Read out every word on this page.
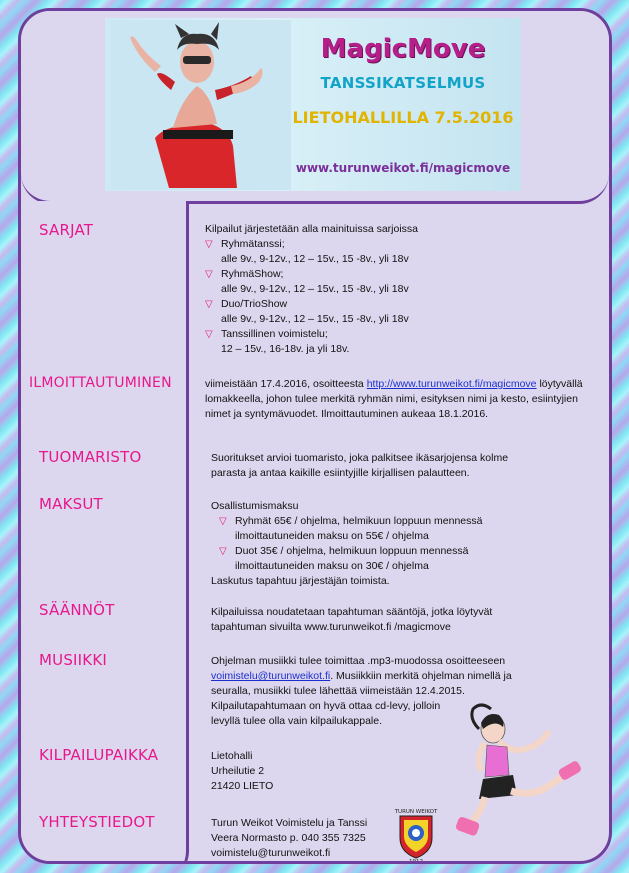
MagicMove
TANSSIKATSELMUS
LIETOHALLILLA 7.5.2016
www.turunweikot.fi/magicmove
SARJAT	Kilpailut järjestetään alla mainituissa sarjoissa
▽ Ryhmätanssi;
alle 9v., 9-12v., 12 – 15v., 15 -8v., yli 18v
▽ RyhmäShow;
alle 9v., 9-12v., 12 – 15v., 15 -8v., yli 18v
▽ Duo/TrioShow
alle 9v., 9-12v., 12 – 15v., 15 -8v., yli 18v
▽ Tanssillinen voimistelu;
12 – 15v., 16-18v. ja yli 18v.
ILMOITTAUTUMINEN	viimeistään 17.4.2016, osoitteesta http://www.turunweikot.fi/magicmove löytyvällä lomakkeella, johon tulee merkitä ryhmän nimi, esityksen nimi ja kesto, esiintyjien nimet ja syntymävuodet. Ilmoittautuminen aukeaa 18.1.2016.
TUOMARISTO	Suoritukset arvioi tuomaristo, joka palkitsee ikäsarjojensa kolme
parasta ja antaa kaikille esiintyjille kirjallisen palautteen.
MAKSUT	Osallistumismaksu
▽ Ryhmät 65€ / ohjelma, helmikuun loppuun mennessä
ilmoittautuneiden maksu on 55€ / ohjelma
▽ Duot 35€ / ohjelma, helmikuun loppuun mennessä
ilmoittautuneiden maksu on 30€ / ohjelma
Laskutus tapahtuu järjestäjän toimista.
SÄÄNNÖT	Kilpailuissa noudatetaan tapahtuman sääntöjä, jotka löytyvät
tapahtuman sivuilta www.turunweikot.fi /magicmove
MUSIIKKI	Ohjelman musiikki tulee toimittaa .mp3-muodossa osoitteeseen
voimistelu@turunweikot.fi. Musiikkiin merkitä ohjelman nimellä ja
seuralla, musiikki tulee lähettää viimeistään 12.4.2015.
Kilpailutapahtumaan on hyvä ottaa cd-levy, jolloin
levyllä tulee olla vain kilpailukappale.
KILPAILUPAIKKA	Lietohalli
Urheilutie 2
21420 LIETO
YHTEYSTIEDOT	Turun Weikot Voimistelu ja Tanssi
Veera Normasto p. 040 355 7325
voimistelu@turunweikot.fi
TURUN WEIKOT
1912
